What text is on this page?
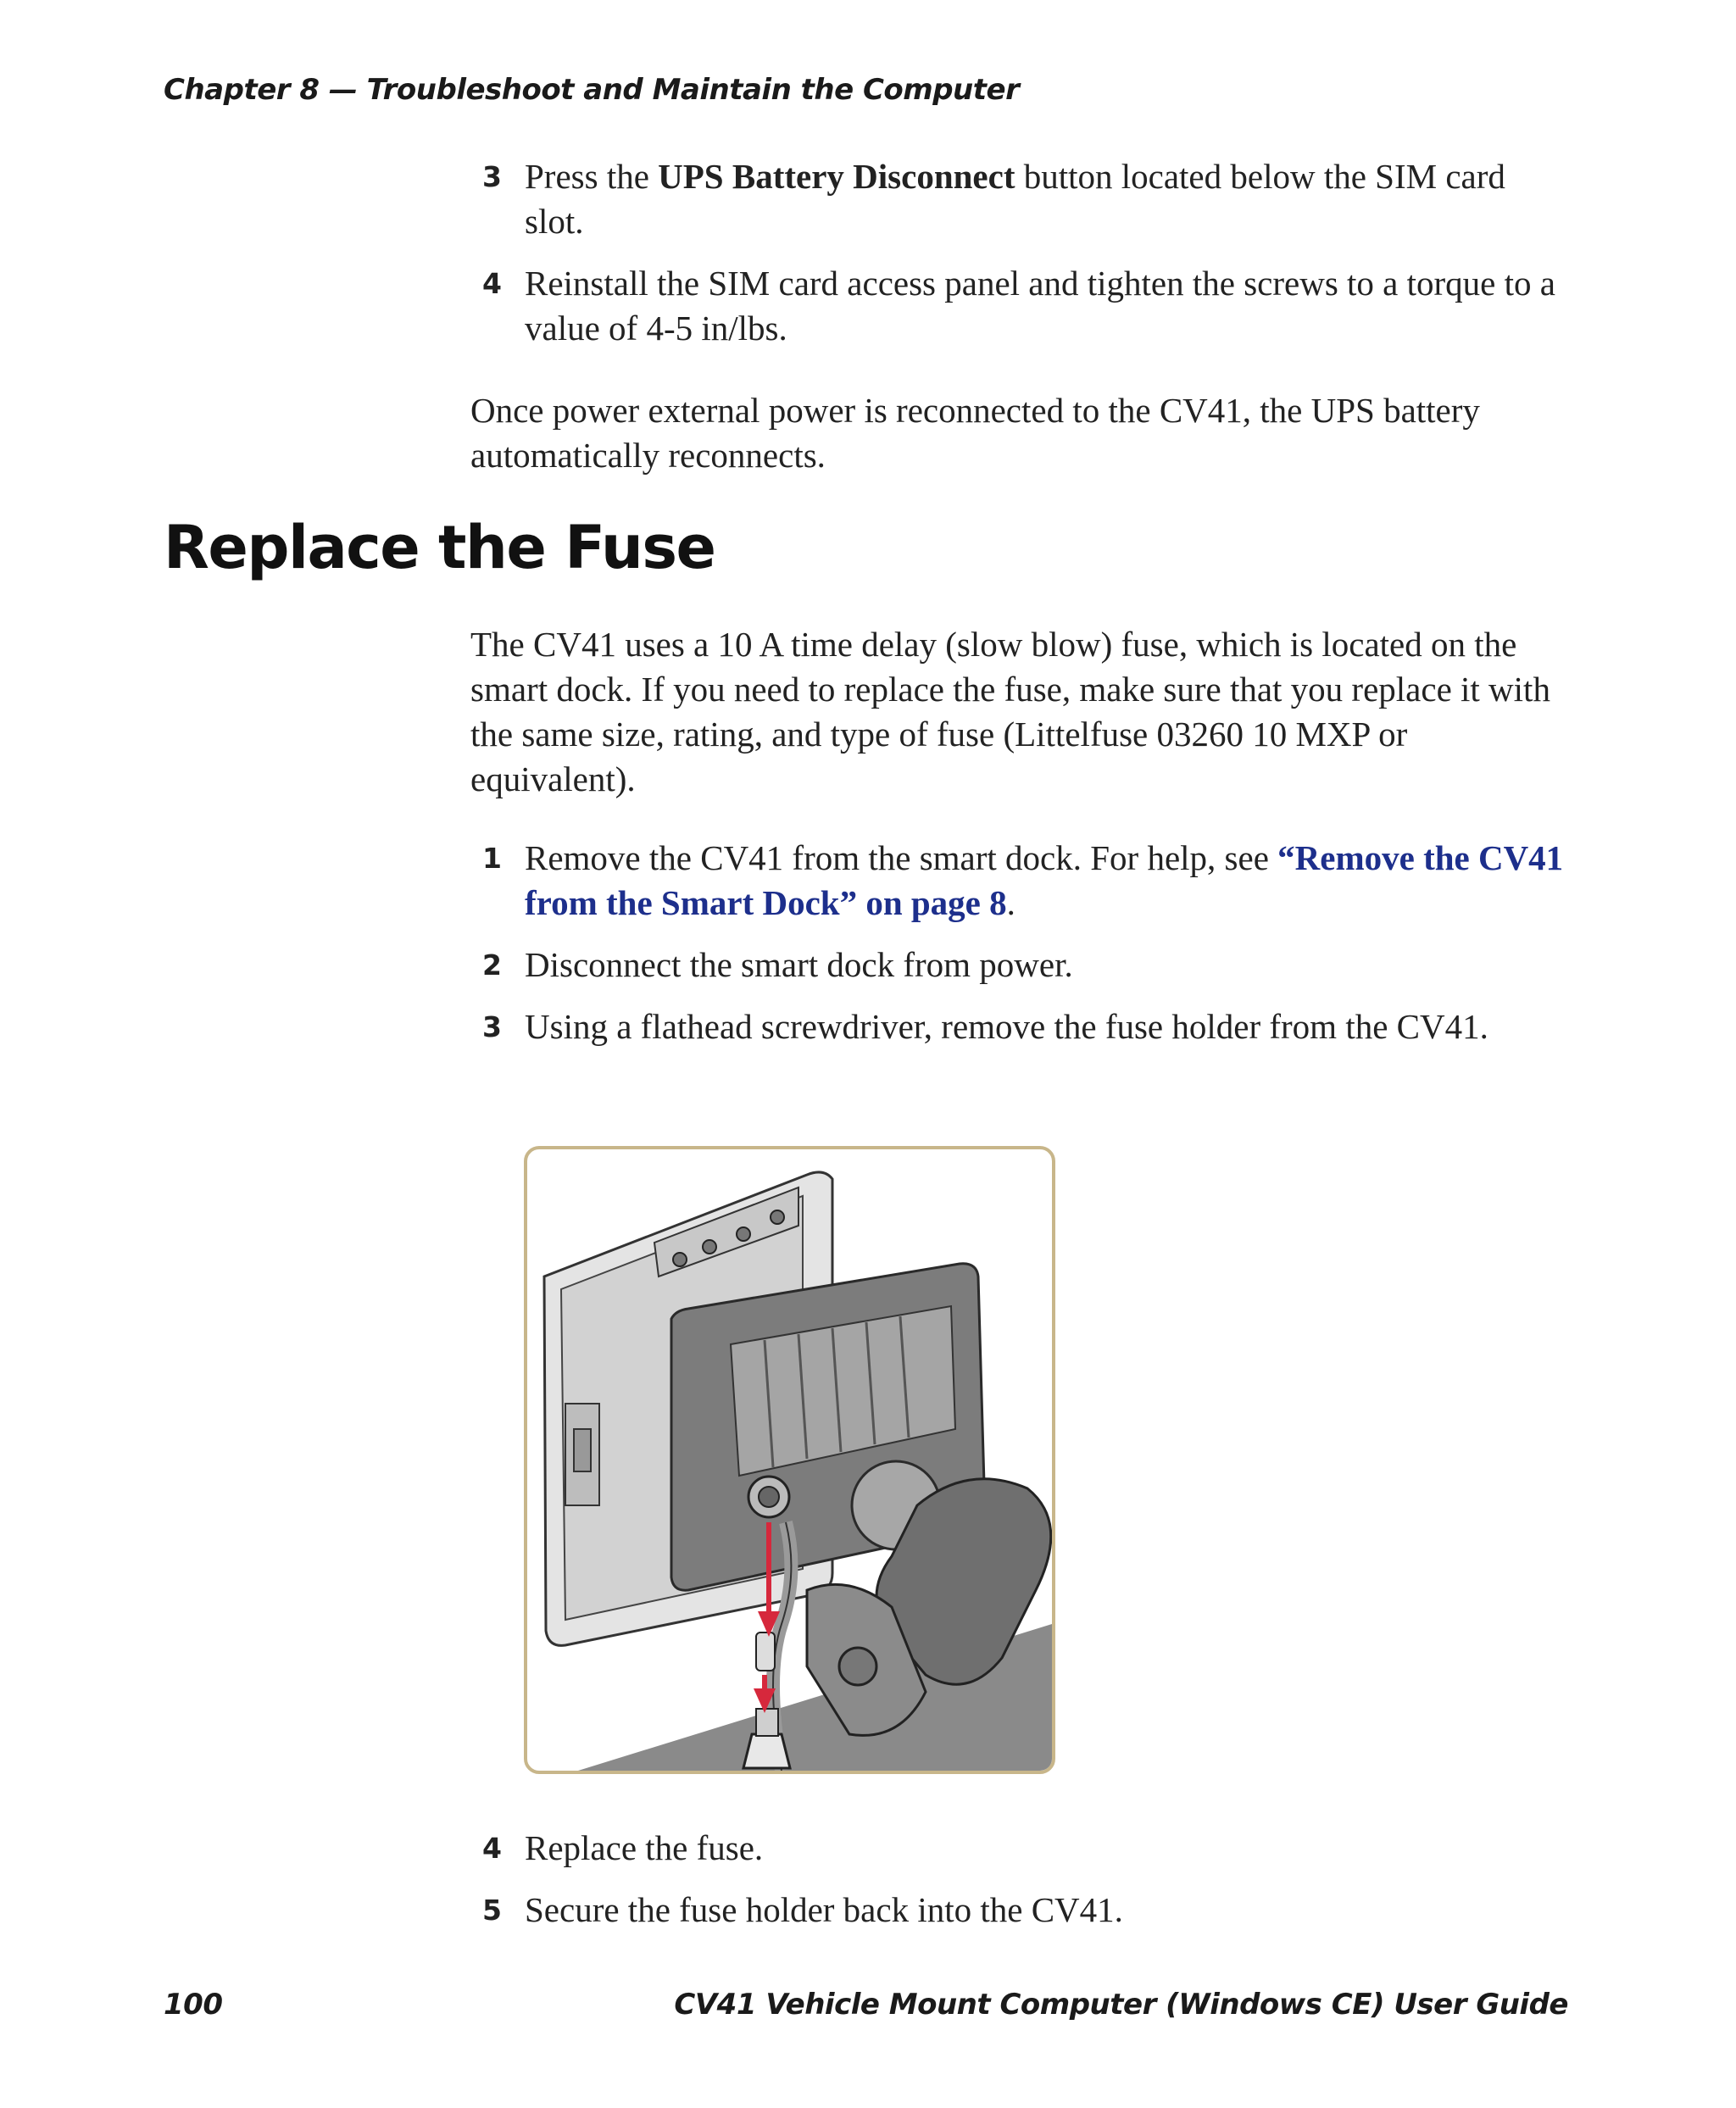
Chapter 8 — Troubleshoot and Maintain the Computer
3 Press the UPS Battery Disconnect button located below the SIM card slot.
4 Reinstall the SIM card access panel and tighten the screws to a torque to a value of 4-5 in/lbs.
Once power external power is reconnected to the CV41, the UPS battery automatically reconnects.
Replace the Fuse
The CV41 uses a 10 A time delay (slow blow) fuse, which is located on the smart dock. If you need to replace the fuse, make sure that you replace it with the same size, rating, and type of fuse (Littelfuse 03260 10 MXP or equivalent).
1 Remove the CV41 from the smart dock. For help, see “Remove the CV41 from the Smart Dock” on page 8.
2 Disconnect the smart dock from power.
3 Using a flathead screwdriver, remove the fuse holder from the CV41.
4 Replace the fuse.
5 Secure the fuse holder back into the CV41.
100	CV41 Vehicle Mount Computer (Windows CE) User Guide
